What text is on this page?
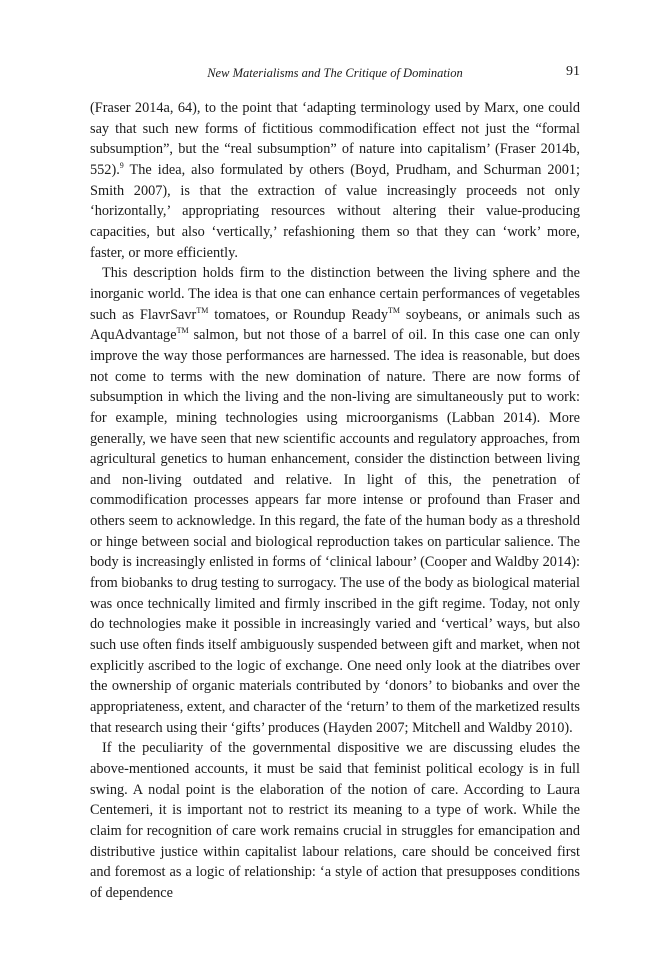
New Materialisms and The Critique of Domination	91

(Fraser 2014a, 64), to the point that ‘adapting terminology used by Marx, one could say that such new forms of fictitious commodification effect not just the “formal subsumption”, but the “real subsumption” of nature into capitalism’ (Fraser 2014b, 552).$^9$ The idea, also formulated by others (Boyd, Prudham, and Schurman 2001; Smith 2007), is that the extraction of value increasingly proceeds not only ‘horizontally,’ appropriating resources without altering their value-producing capacities, but also ‘vertically,’ refashioning them so that they can ‘work’ more, faster, or more efficiently.

This description holds firm to the distinction between the living sphere and the inorganic world. The idea is that one can enhance certain performances of vegetables such as FlavrSavr™ tomatoes, or Roundup Ready™ soybeans, or animals such as AquAdvantage™ salmon, but not those of a barrel of oil. In this case one can only improve the way those performances are harnessed. The idea is reasonable, but does not come to terms with the new domination of nature. There are now forms of subsumption in which the living and the non-living are simultaneously put to work: for example, mining technologies using microorganisms (Labban 2014). More generally, we have seen that new scientific accounts and regulatory approaches, from agricultural genetics to human enhancement, consider the distinction between living and non-living outdated and relative. In light of this, the penetration of commodification processes appears far more intense or profound than Fraser and others seem to acknowledge. In this regard, the fate of the human body as a threshold or hinge between social and biological reproduction takes on particular salience. The body is increasingly enlisted in forms of ‘clinical labour’ (Cooper and Waldby 2014): from biobanks to drug testing to surrogacy. The use of the body as biological material was once technically limited and firmly inscribed in the gift regime. Today, not only do technologies make it possible in increasingly varied and ‘vertical’ ways, but also such use often finds itself ambiguously suspended between gift and market, when not explicitly ascribed to the logic of exchange. One need only look at the diatribes over the ownership of organic materials contributed by ‘donors’ to biobanks and over the appropriateness, extent, and character of the ‘return’ to them of the marketized results that research using their ‘gifts’ produces (Hayden 2007; Mitchell and Waldby 2010).

If the peculiarity of the governmental dispositive we are discussing eludes the above-mentioned accounts, it must be said that feminist political ecology is in full swing. A nodal point is the elaboration of the notion of care. According to Laura Centemeri, it is important not to restrict its meaning to a type of work. While the claim for recognition of care work remains crucial in struggles for emancipation and distributive justice within capitalist labour relations, care should be conceived first and foremost as a logic of relationship: ‘a style of action that presupposes conditions of dependence
